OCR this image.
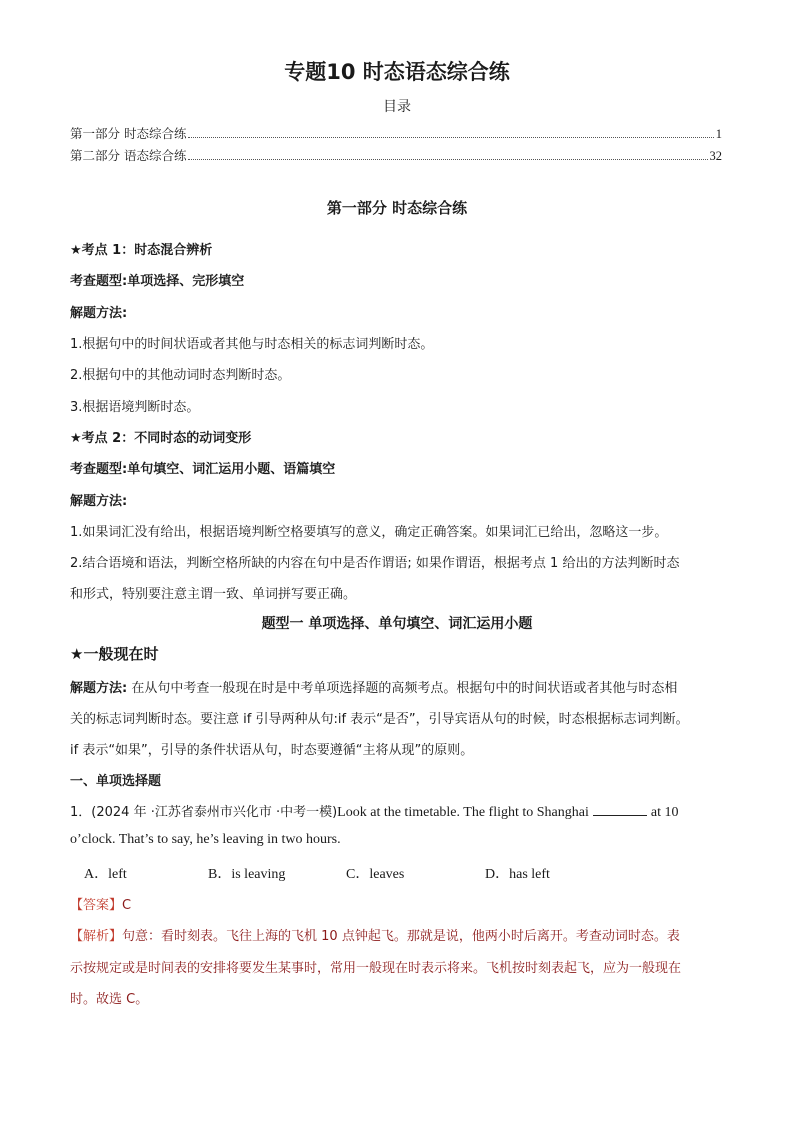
专题10 时态语态综合练
目录
第一部分 时态综合练	1
第二部分 语态综合练	32
第一部分 时态综合练
★考点 1：时态混合辨析
考查题型:单项选择、完形填空
解题方法:
1.根据句中的时间状语或者其他与时态相关的标志词判断时态。
2.根据句中的其他动词时态判断时态。
3.根据语境判断时态。
★考点 2：不同时态的动词变形
考查题型:单句填空、词汇运用小题、语篇填空
解题方法:
1.如果词汇没有给出，根据语境判断空格要填写的意义，确定正确答案。如果词汇已给出，忽略这一步。
2.结合语境和语法，判断空格所缺的内容在句中是否作谓语; 如果作谓语，根据考点 1 给出的方法判断时态
和形式，特别要注意主谓一致、单词拼写要正确。
题型一 单项选择、单句填空、词汇运用小题
★一般现在时
解题方法: 在从句中考查一般现在时是中考单项选择题的高频考点。根据句中的时间状语或者其他与时态相
关的标志词判断时态。要注意 if 引导两种从句:if 表示“是否”，引导宾语从句的时候，时态根据标志词判断。
if 表示“如果”，引导的条件状语从句，时态要遵循“主将从现”的原则。
一、单项选择题
1．(2024 年 ·江苏省泰州市兴化市 ·中考一模)Look at the timetable. The flight to Shanghai	at 10
o’clock. That’s to say, he’s leaving in two hours.
A．left	B．is leaving	C．leaves	D．has left
【答案】C
【解析】句意：看时刻表。飞往上海的飞机 10 点钟起飞。那就是说，他两小时后离开。考查动词时态。表
示按规定或是时间表的安排将要发生某事时，常用一般现在时表示将来。飞机按时刻表起飞，应为一般现在
时。故选 C。
